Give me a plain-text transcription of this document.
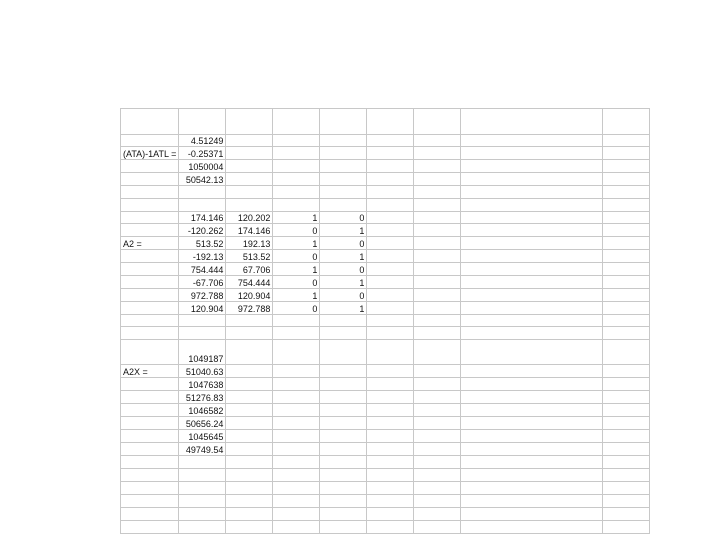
	4.51249							
(ATA)-1ATL =	-0.25371							
	1050004							
	50542.13							

	174.146	120.202	1	0				
	-120.262	174.146	0	1				
A2 =	513.52	192.13	1	0				
	-192.13	513.52	0	1				
	754.444	67.706	1	0				
	-67.706	754.444	0	1				
	972.788	120.904	1	0				
	120.904	972.788	0	1				

	1049187							
A2X =	51040.63							
	1047638							
	51276.83							
	1046582							
	50656.24							
	1045645							
	49749.54							
